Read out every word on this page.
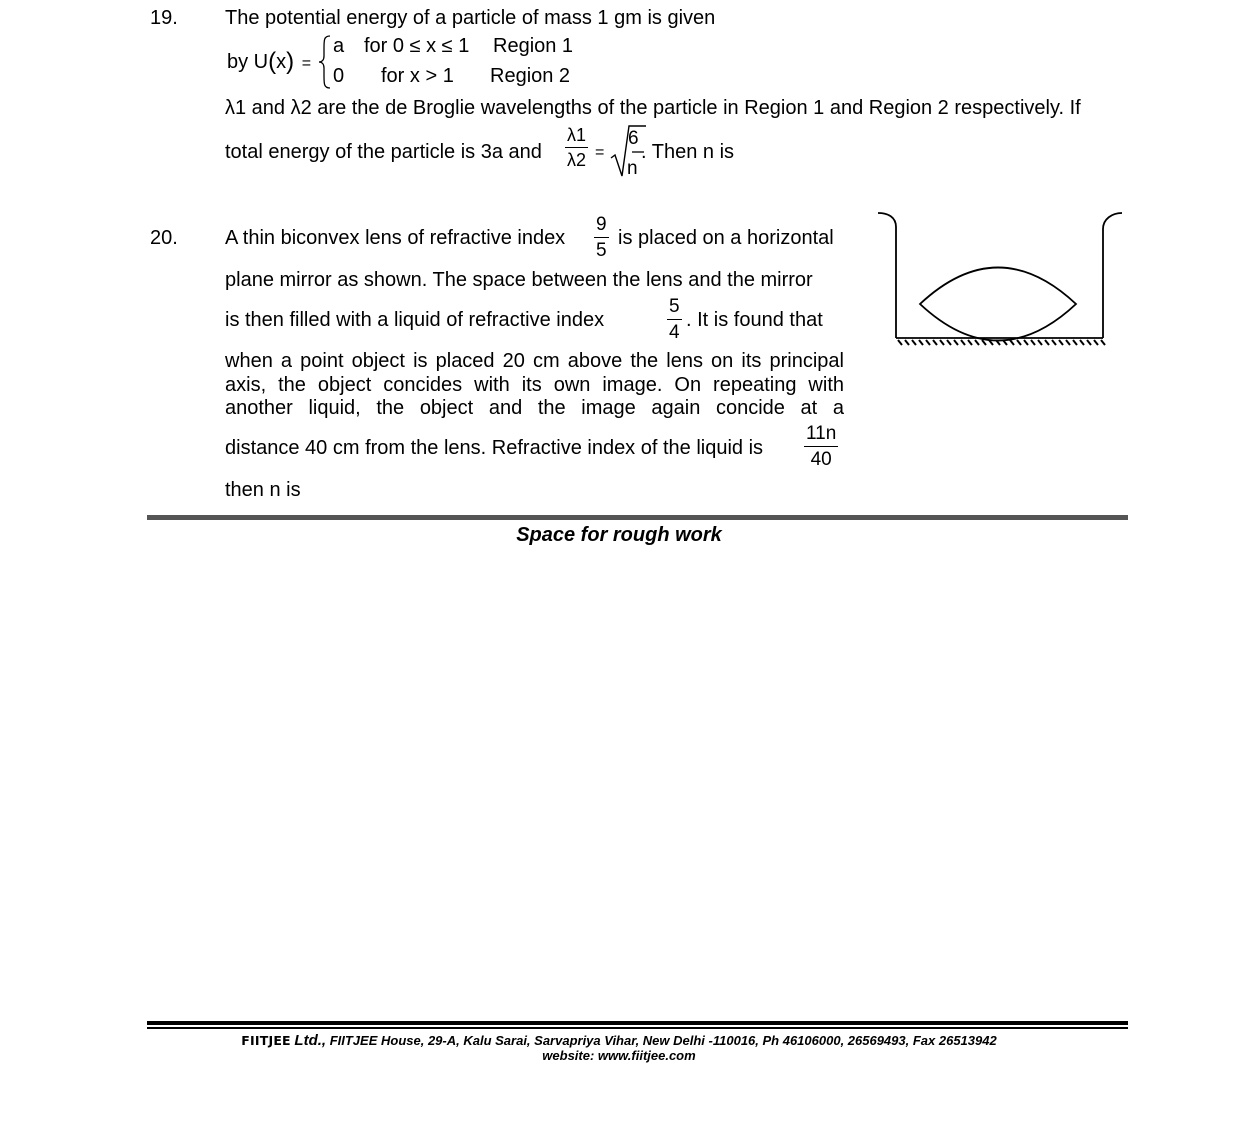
19. The potential energy of a particle of mass 1 gm is given
by U(x) =
a for 0 ≤ x ≤ 1 Region 1
0 for x > 1 Region 2
λ1 and λ2 are the de Broglie wavelengths of the particle in Region 1 and Region 2 respectively. If
total energy of the particle is 3a and $\frac{\lambda 1}{\lambda 2}$ =
6
n
. Then n is
20. A thin biconvex lens of refractive index $\frac{9}{5}$ is placed on a horizontal
plane mirror as shown. The space between the lens and the mirror
is then filled with a liquid of refractive index	$\frac{5}{4}$ . It is found that
when a point object is placed 20 cm above the lens on its principal
axis, the object concides with its own image. On repeating with
another liquid, the object and the image again concide at a
distance 40 cm from the lens. Refractive index of the liquid is $\frac{11n}{40}$
then n is
Space for rough work
FIITJEE Ltd., FIITJEE House, 29-A, Kalu Sarai, Sarvapriya Vihar, New Delhi -110016, Ph 46106000, 26569493, Fax 26513942
website: www.fiitjee.com
